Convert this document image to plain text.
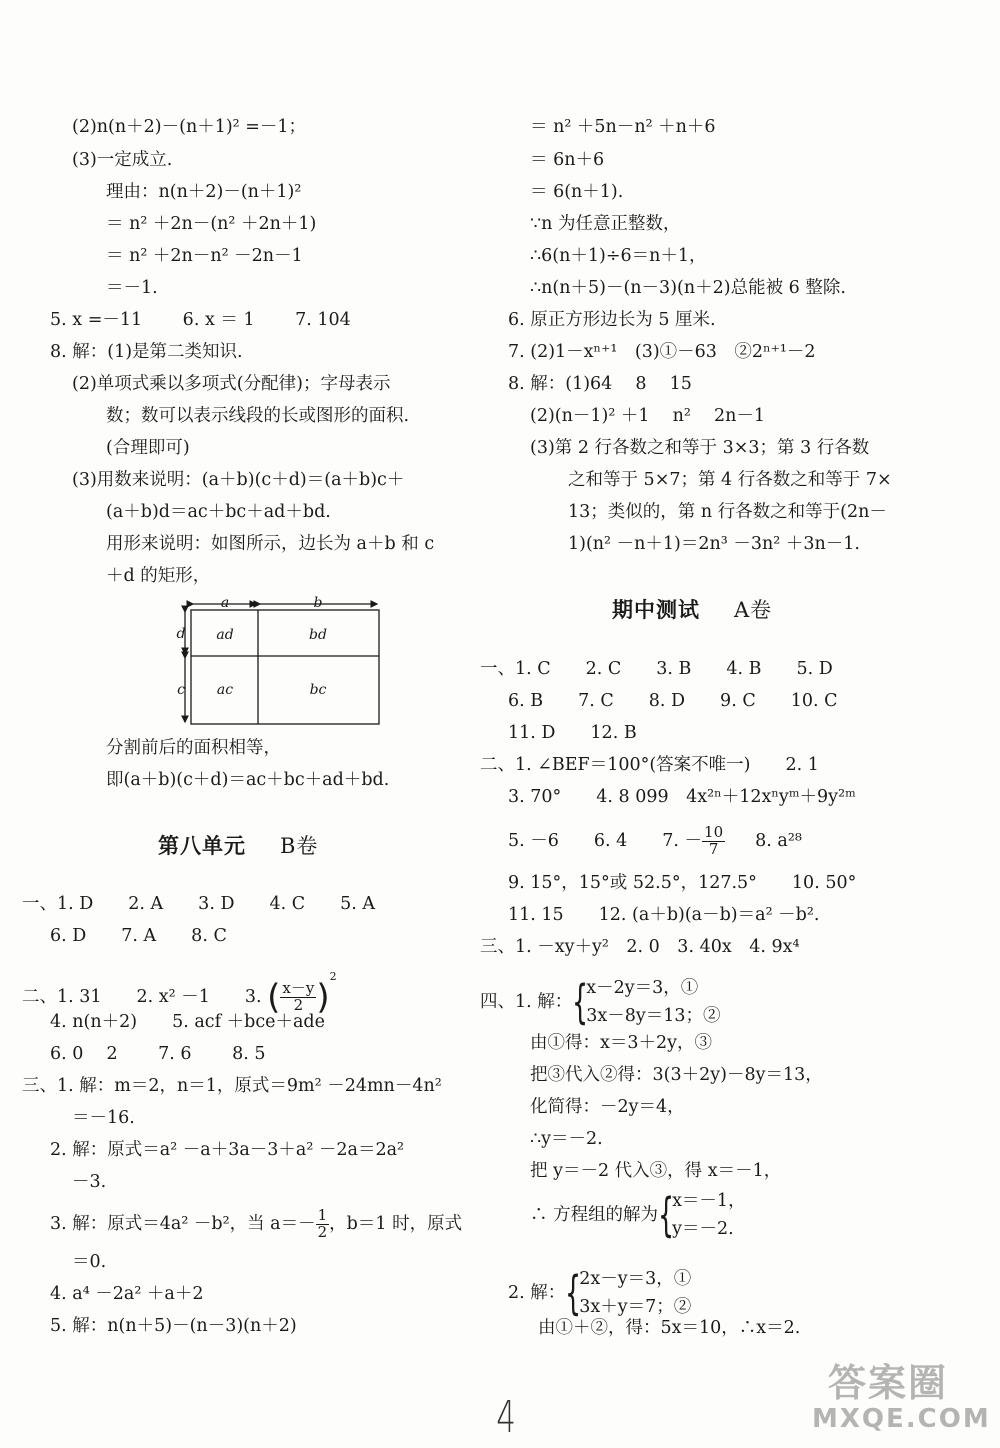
(2)n(n＋2)－(n＋1)² =－1；
(3)一定成立.
理由：n(n＋2)－(n＋1)²
＝ n² ＋2n－(n² ＋2n＋1)
＝ n² ＋2n－n² －2n－1
＝－1.
5. x =－11　　 6. x ＝ 1　　 7. 104
8. 解：(1)是第二类知识.
(2)单项式乘以多项式(分配律)；字母表示
数；数可以表示线段的长或图形的面积.
(合理即可)
(3)用数来说明：(a＋b)(c＋d)＝(a＋b)c＋
(a＋b)d＝ac＋bc＋ad＋bd.
用形来说明：如图所示，边长为 a＋b 和 c
＋d 的矩形，
a	b
d
c
ad	bd
ac	bc
分割前后的面积相等，
即(a＋b)(c＋d)＝ac＋bc＋ad＋bd.
第八单元 B卷
一、1. D　　2. A　　3. D　　4. C　　5. A
6. D　　7. A　　8. C
二、1. 31　　2. x² －1　　3. ( $\frac{x-y}{2} )^2$
4. n(n＋2)　　5. acf ＋bce＋ade
6. 0　 2　　 7. 6　　 8. 5
三、1. 解：m＝2，n＝1，原式＝9m² －24mn－4n²
＝－16.
2. 解：原式＝a² －a＋3a－3＋a² －2a＝2a²
－3.
3. 解：原式＝4a² －b²，当 $a=- \frac{1}{2}$ ，b＝1 时，原式
＝0.
4. a⁴ －2a² ＋a＋2
5. 解：n(n＋5)－(n－3)(n＋2)
＝ n² ＋5n－n² ＋n＋6
＝ 6n＋6
＝ 6(n＋1).
∵n 为任意正整数，
∴6(n＋1)÷6＝n＋1，
∴n(n＋5)－(n－3)(n＋2)总能被 6 整除.
6. 原正方形边长为 5 厘米.
7. (2)1－xⁿ⁺¹　(3)①－63　②2ⁿ⁺¹－2
8. 解：(1)64　 8　 15
(2)(n－1)² ＋1　 n²　 2n－1
(3)第 2 行各数之和等于 3×3；第 3 行各数
之和等于 5×7；第 4 行各数之和等于 7×
13；类似的，第 n 行各数之和等于(2n－
1)(n² －n＋1)＝2n³ －3n² ＋3n－1.
期中测试 A卷
一、1. C　　2. C　　3. B　　4. B　　5. D
6. B　　7. C　　8. D　　9. C　　10. C
11. D　　12. B
二、1. ∠BEF＝100°(答案不唯一)　　2. 1
3. 70°　　4. 8 099　4x²ⁿ＋12xⁿyᵐ＋9y²ᵐ
5. －6　　6. 4　　7. － $\frac{10}{7} 8$. a²⁸
9. 15°，15°或 52.5°，127.5°　　10. 50°
11. 15　　12. (a＋b)(a－b)＝a² －b².
三、1. －xy＋y²　2. 0　3. 40x　4. 9x⁴
四、1. 解：{
x－2y＝3，①
3x－8y＝13；②
由①得：x＝3＋2y，③
把③代入②得：3(3＋2y)－8y＝13，
化简得：－2y＝4，
∴y＝－2.
把 y＝－2 代入③，得 x＝－1，
∴ 方程组的解为{
x＝－1，
y＝－2.
2. 解：{
2x－y＝3，①
3x＋y＝7；②
由①＋②，得：5x＝10，∴x＝2.
4
答案圈
MXQE.COM
